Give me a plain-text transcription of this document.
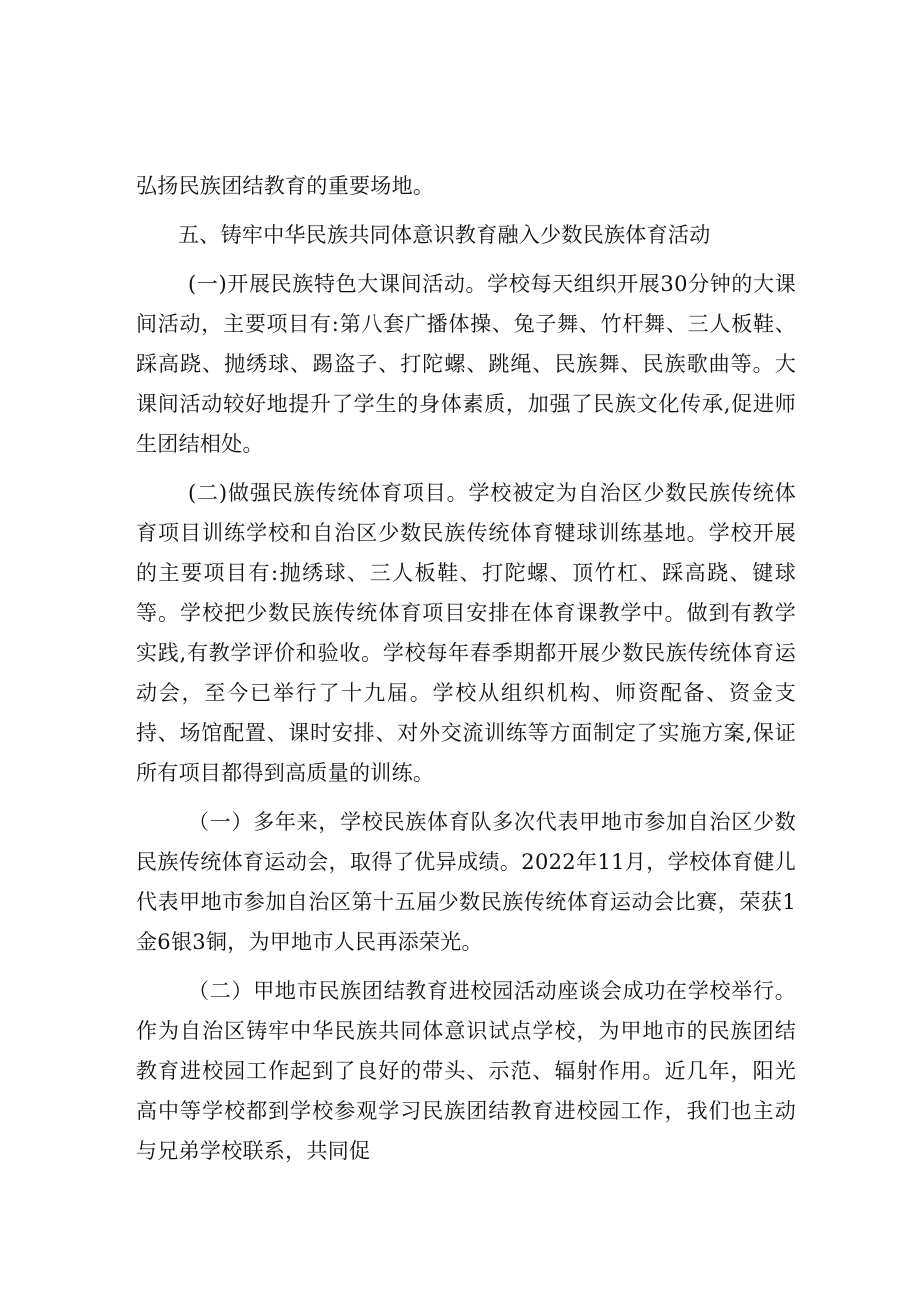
弘扬民族团结教育的重要场地。

五、铸牢中华民族共同体意识教育融入少数民族体育活动

(一)开展民族特色大课间活动。学校每天组织开展30分钟的大课间活动，主要项目有:第八套广播体操、兔子舞、竹杆舞、三人板鞋、踩高跷、抛绣球、踢盗子、打陀螺、跳绳、民族舞、民族歌曲等。大课间活动较好地提升了学生的身体素质，加强了民族文化传承,促进师生团结相处。

(二)做强民族传统体育项目。学校被定为自治区少数民族传统体育项目训练学校和自治区少数民族传统体育犍球训练基地。学校开展的主要项目有:抛绣球、三人板鞋、打陀螺、顶竹杠、踩高跷、键球等。学校把少数民族传统体育项目安排在体育课教学中。做到有教学实践,有教学评价和验收。学校每年春季期都开展少数民族传统体育运动会，至今已举行了十九届。学校从组织机构、师资配备、资金支持、场馆配置、课时安排、对外交流训练等方面制定了实施方案,保证所有项目都得到高质量的训练。

（一）多年来，学校民族体育队多次代表甲地市参加自治区少数民族传统体育运动会，取得了优异成绩。2022年11月，学校体育健儿代表甲地市参加自治区第十五届少数民族传统体育运动会比赛，荣获1金6银3铜，为甲地市人民再添荣光。

（二）甲地市民族团结教育进校园活动座谈会成功在学校举行。作为自治区铸牢中华民族共同体意识试点学校，为甲地市的民族团结教育进校园工作起到了良好的带头、示范、辐射作用。近几年，阳光高中等学校都到学校参观学习民族团结教育进校园工作，我们也主动与兄弟学校联系，共同促
